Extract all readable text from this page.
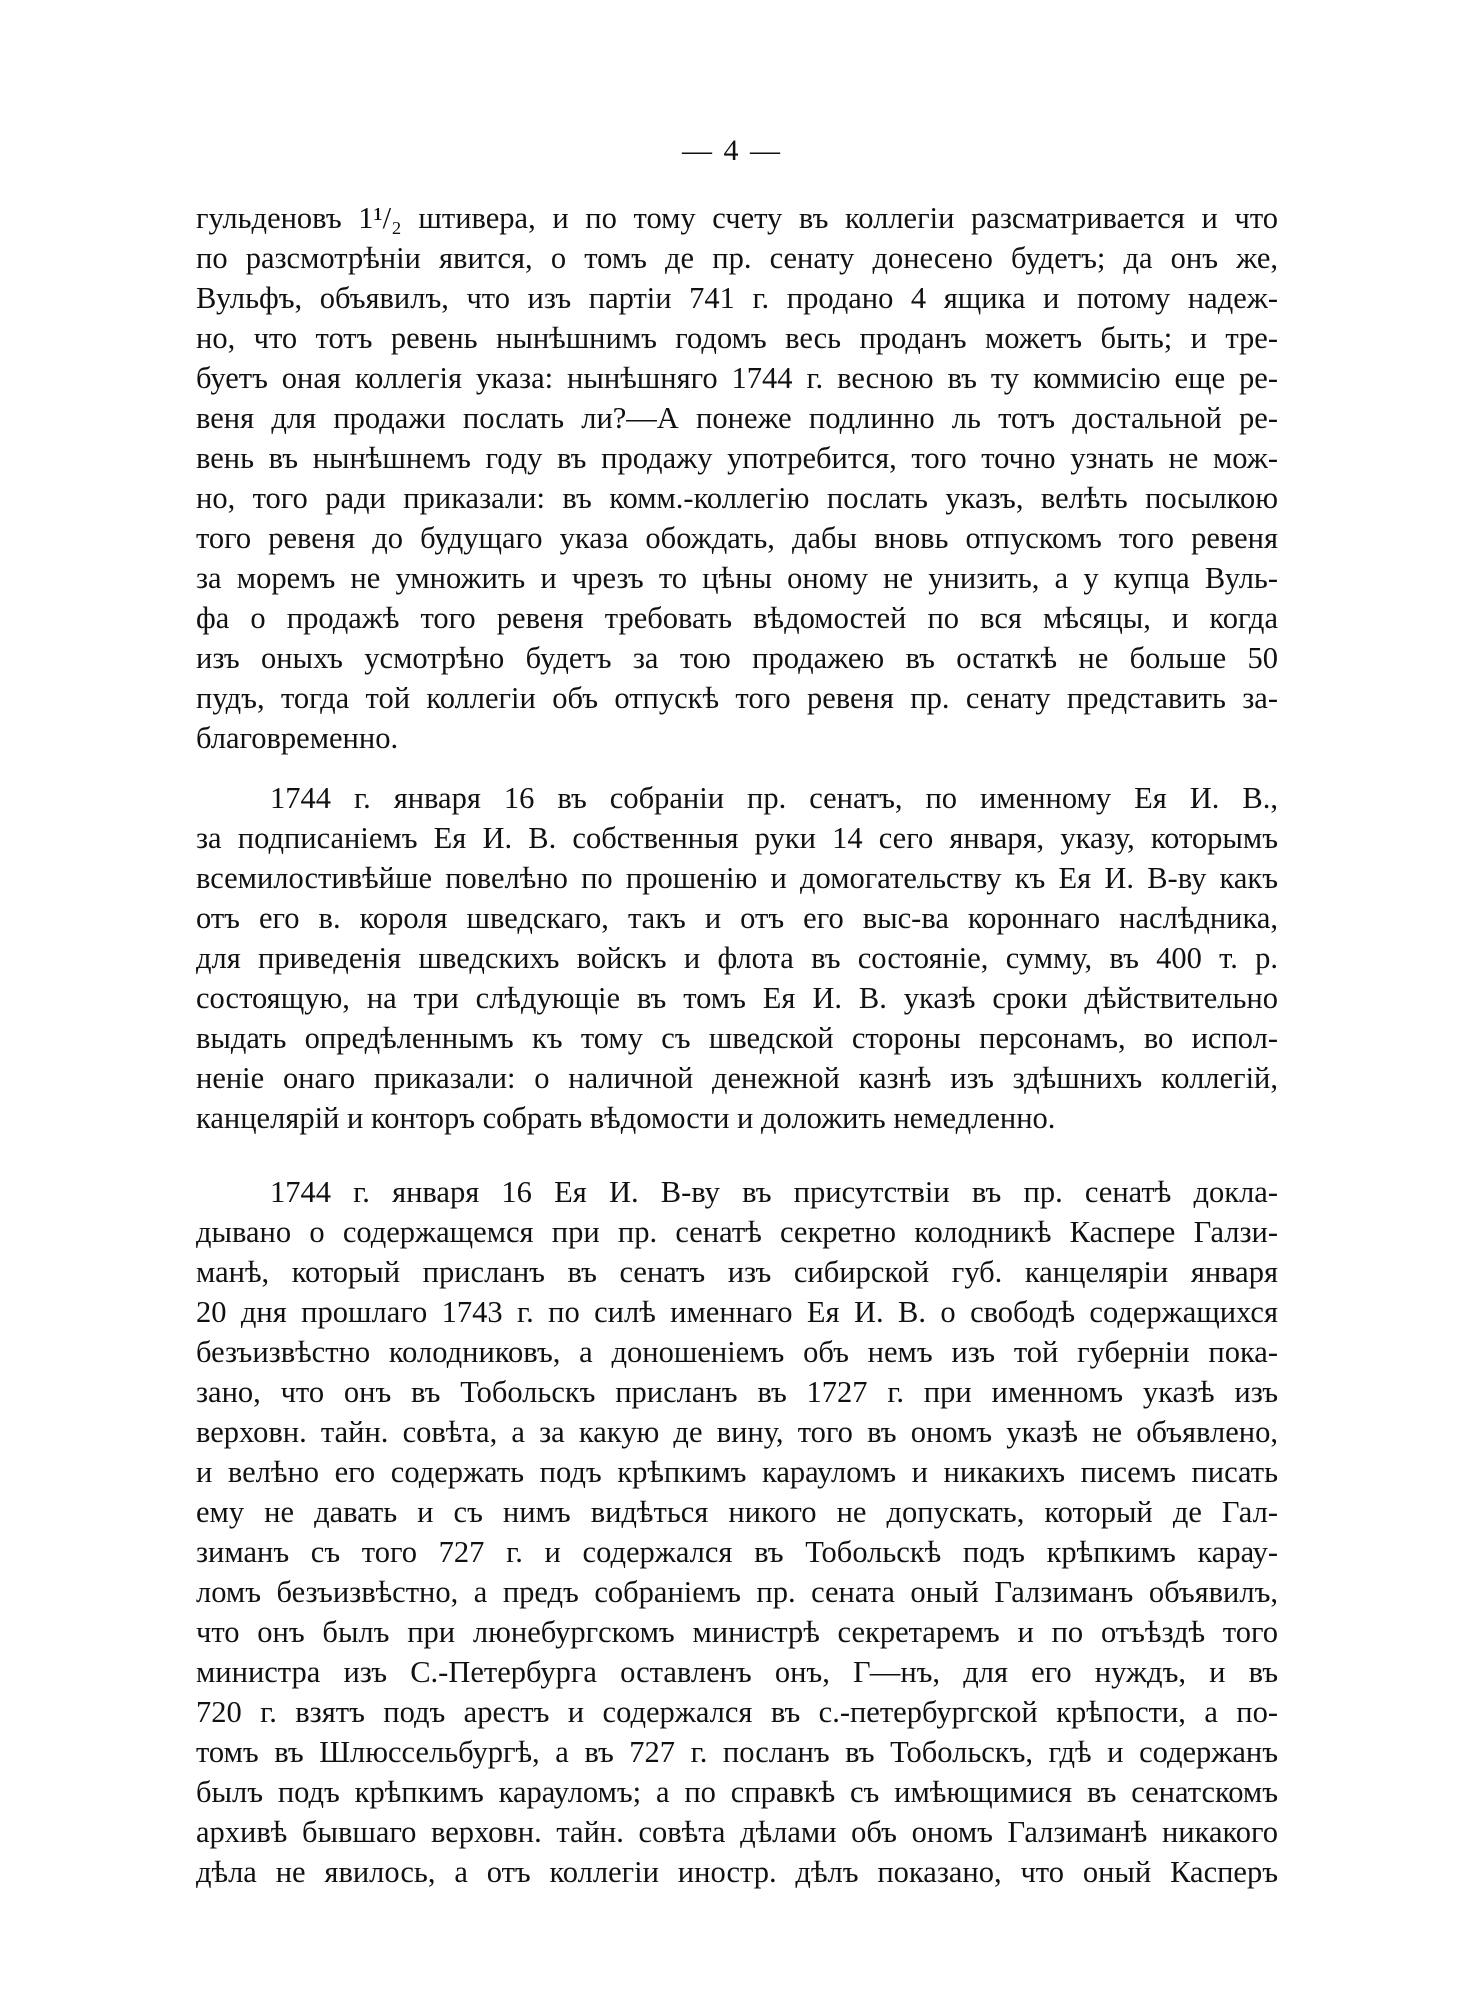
— 4 —
гульденовъ 1¹/₂ штивера, и по тому счету въ коллегіи разсматривается и что
по разсмотрѣніи явится, о томъ де пр. сенату донесено будетъ; да онъ же,
Вульфъ, объявилъ, что изъ партіи 741 г. продано 4 ящика и потому надеж-
но, что тотъ ревень нынѣшнимъ годомъ весь проданъ можетъ быть; и тре-
буетъ оная коллегія указа: нынѣшняго 1744 г. весною въ ту коммисію еще ре-
веня для продажи послать ли?—А понеже подлинно ль тотъ достальной ре-
вень въ нынѣшнемъ году въ продажу употребится, того точно узнать не мож-
но, того ради приказали: въ комм.-коллегію послать указъ, велѣть посылкою
того ревеня до будущаго указа обождать, дабы вновь отпускомъ того ревеня
за моремъ не умножить и чрезъ то цѣны оному не унизить, а у купца Вуль-
фа о продажѣ того ревеня требовать вѣдомостей по вся мѣсяцы, и когда
изъ оныхъ усмотрѣно будетъ за тою продажею въ остаткѣ не больше 50
пудъ, тогда той коллегіи объ отпускѣ того ревеня пр. сенату представить за-
благовременно.
1744 г. января 16 въ собраніи пр. сенатъ, по именному Ея И. В.,
за подписаніемъ Ея И. В. собственныя руки 14 сего января, указу, которымъ
всемилостивѣйше повелѣно по прошенію и домогательству къ Ея И. В-ву какъ
отъ его в. короля шведскаго, такъ и отъ его выс-ва короннаго наслѣдника,
для приведенія шведскихъ войскъ и флота въ состояніе, сумму, въ 400 т. р.
состоящую, на три слѣдующіе въ томъ Ея И. В. указѣ сроки дѣйствительно
выдать опредѣленнымъ къ тому съ шведской стороны персонамъ, во испол-
неніе онаго приказали: о наличной денежной казнѣ изъ здѣшнихъ коллегій,
канцелярій и конторъ собрать вѣдомости и доложить немедленно.
1744 г. января 16 Ея И. В-ву въ присутствіи въ пр. сенатѣ докла-
дывано о содержащемся при пр. сенатѣ секретно колодникѣ Каспере Галзи-
манѣ, который присланъ въ сенатъ изъ сибирской губ. канцеляріи января
20 дня прошлаго 1743 г. по силѣ именнаго Ея И. В. о свободѣ содержащихся
безъизвѣстно колодниковъ, а доношеніемъ объ немъ изъ той губерніи пока-
зано, что онъ въ Тобольскъ присланъ въ 1727 г. при именномъ указѣ изъ
верховн. тайн. совѣта, а за какую де вину, того въ ономъ указѣ не объявлено,
и велѣно его содержать подъ крѣпкимъ карауломъ и никакихъ писемъ писать
ему не давать и съ нимъ видѣться никого не допускать, который де Гал-
зиманъ съ того 727 г. и содержался въ Тобольскѣ подъ крѣпкимъ карау-
ломъ безъизвѣстно, а предъ собраніемъ пр. сената оный Галзиманъ объявилъ,
что онъ былъ при люнебургскомъ министрѣ секретаремъ и по отъѣздѣ того
министра изъ С.-Петербурга оставленъ онъ, Г—нъ, для его нуждъ, и въ
720 г. взятъ подъ арестъ и содержался въ с.-петербургской крѣпости, а по-
томъ въ Шлюссельбургѣ, а въ 727 г. посланъ въ Тобольскъ, гдѣ и содержанъ
былъ подъ крѣпкимъ карауломъ; а по справкѣ съ имѣющимися въ сенатскомъ
архивѣ бывшаго верховн. тайн. совѣта дѣлами объ ономъ Галзиманѣ никакого
дѣла не явилось, а отъ коллегіи иностр. дѣлъ показано, что оный Касперъ
